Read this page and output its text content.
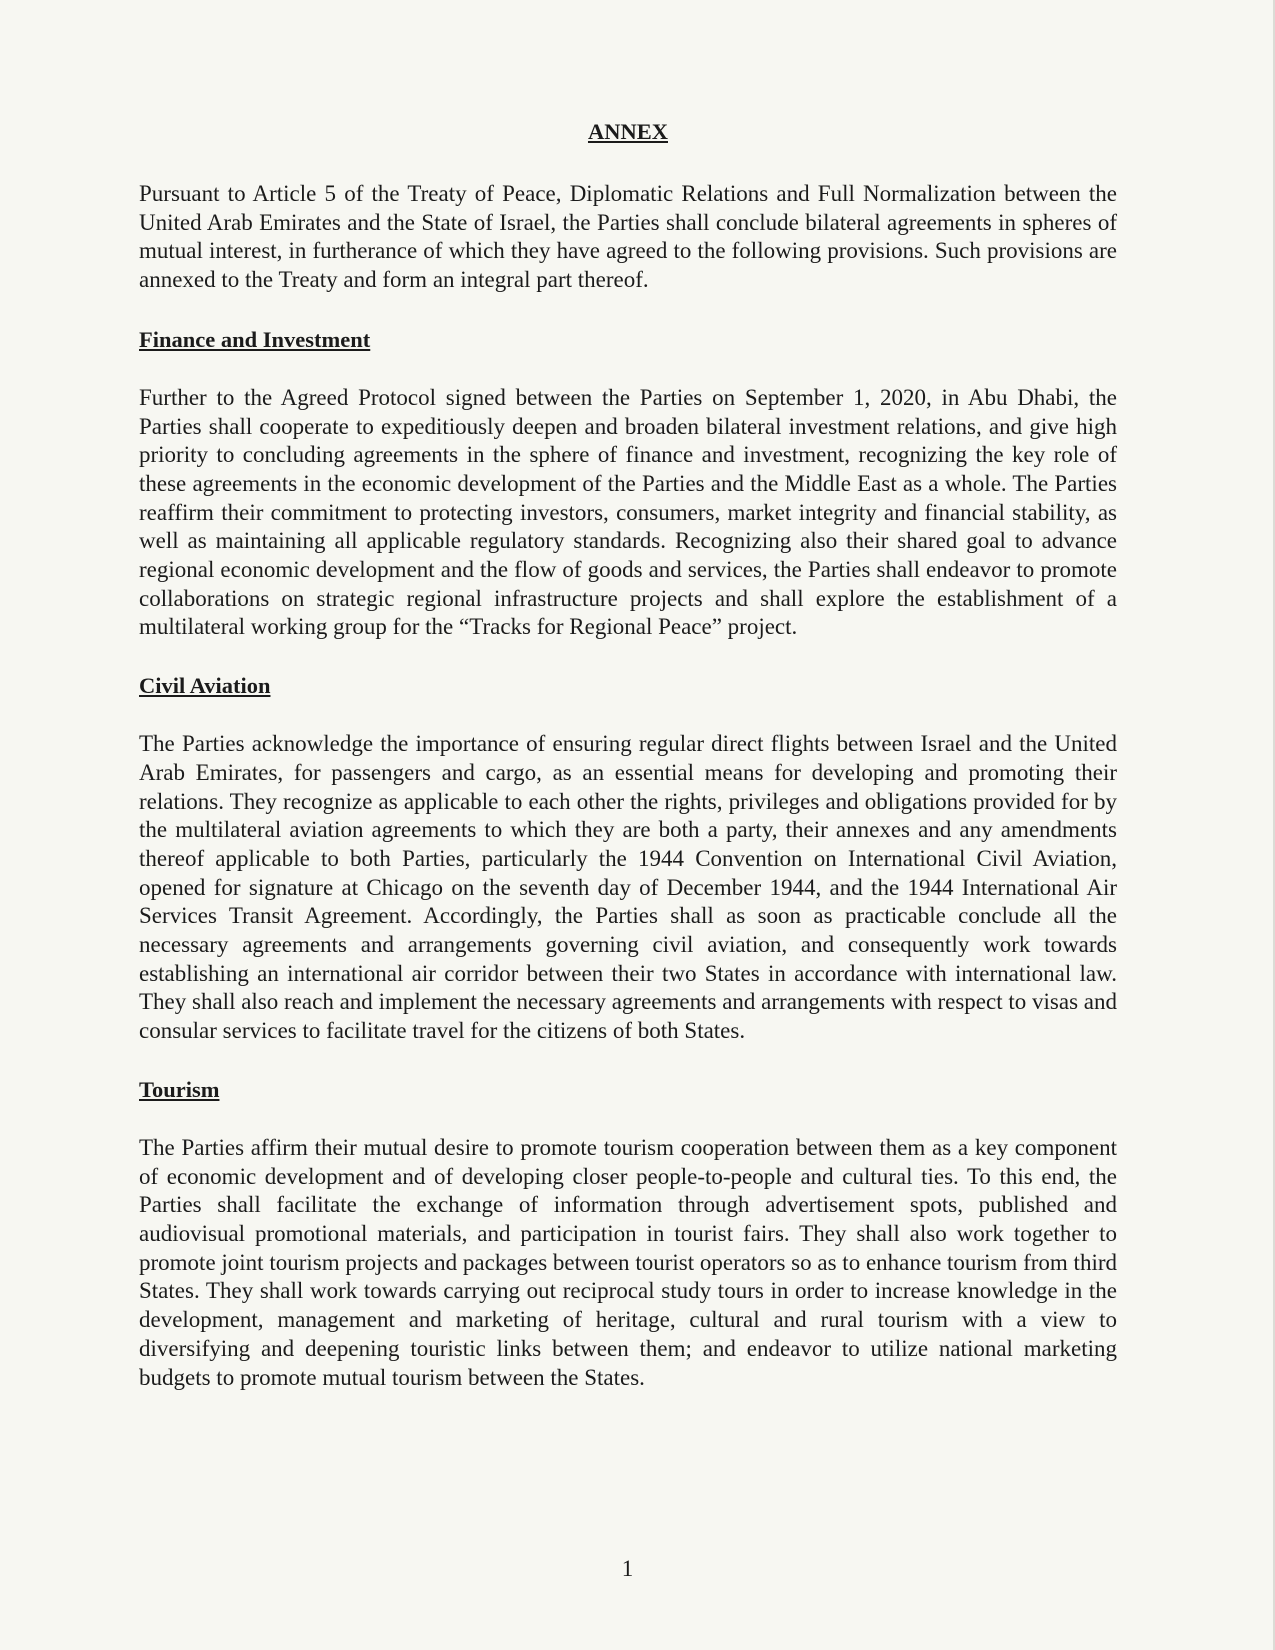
ANNEX

Pursuant to Article 5 of the Treaty of Peace, Diplomatic Relations and Full Normalization between the United Arab Emirates and the State of Israel, the Parties shall conclude bilateral agreements in spheres of mutual interest, in furtherance of which they have agreed to the following provisions. Such provisions are annexed to the Treaty and form an integral part thereof.

Finance and Investment

Further to the Agreed Protocol signed between the Parties on September 1, 2020, in Abu Dhabi, the Parties shall cooperate to expeditiously deepen and broaden bilateral investment relations, and give high priority to concluding agreements in the sphere of finance and investment, recognizing the key role of these agreements in the economic development of the Parties and the Middle East as a whole. The Parties reaffirm their commitment to protecting investors, consumers, market integrity and financial stability, as well as maintaining all applicable regulatory standards. Recognizing also their shared goal to advance regional economic development and the flow of goods and services, the Parties shall endeavor to promote collaborations on strategic regional infrastructure projects and shall explore the establishment of a multilateral working group for the “Tracks for Regional Peace” project.

Civil Aviation

The Parties acknowledge the importance of ensuring regular direct flights between Israel and the United Arab Emirates, for passengers and cargo, as an essential means for developing and promoting their relations. They recognize as applicable to each other the rights, privileges and obligations provided for by the multilateral aviation agreements to which they are both a party, their annexes and any amendments thereof applicable to both Parties, particularly the 1944 Convention on International Civil Aviation, opened for signature at Chicago on the seventh day of December 1944, and the 1944 International Air Services Transit Agreement. Accordingly, the Parties shall as soon as practicable conclude all the necessary agreements and arrangements governing civil aviation, and consequently work towards establishing an international air corridor between their two States in accordance with international law. They shall also reach and implement the necessary agreements and arrangements with respect to visas and consular services to facilitate travel for the citizens of both States.

Tourism

The Parties affirm their mutual desire to promote tourism cooperation between them as a key component of economic development and of developing closer people-to-people and cultural ties. To this end, the Parties shall facilitate the exchange of information through advertisement spots, published and audiovisual promotional materials, and participation in tourist fairs. They shall also work together to promote joint tourism projects and packages between tourist operators so as to enhance tourism from third States. They shall work towards carrying out reciprocal study tours in order to increase knowledge in the development, management and marketing of heritage, cultural and rural tourism with a view to diversifying and deepening touristic links between them; and endeavor to utilize national marketing budgets to promote mutual tourism between the States.

1
